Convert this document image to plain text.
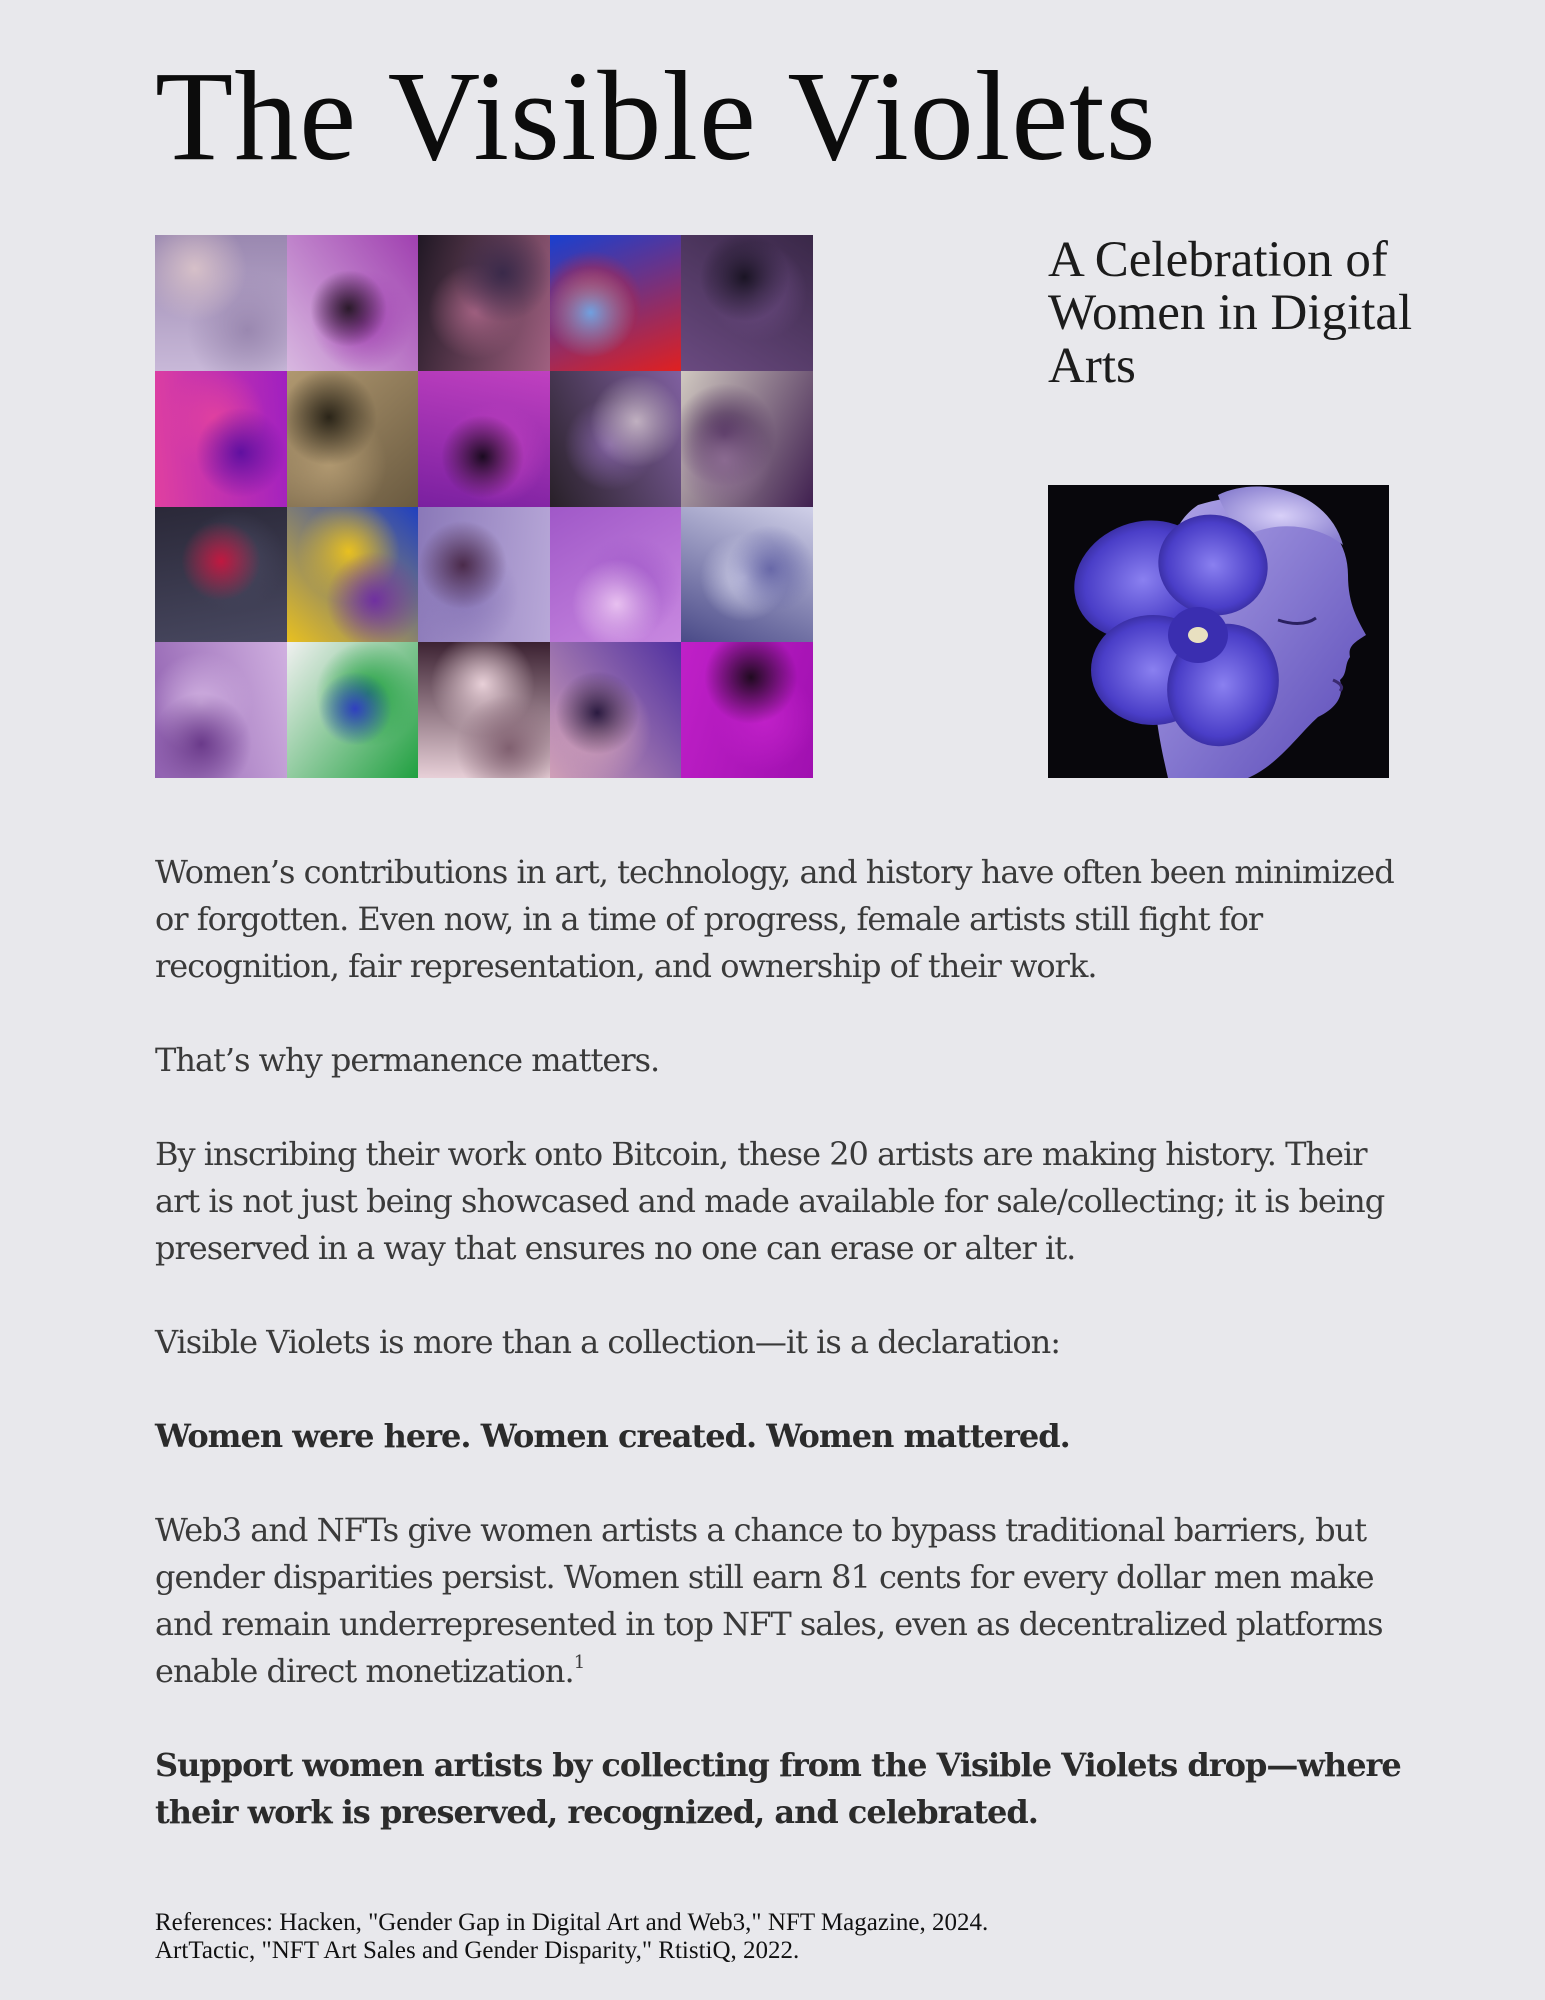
The Visible Violets
A Celebration of Women in Digital Arts

Women’s contributions in art, technology, and history have often been minimized or forgotten. Even now, in a time of progress, female artists still fight for recognition, fair representation, and ownership of their work.

That’s why permanence matters.

By inscribing their work onto Bitcoin, these 20 artists are making history. Their art is not just being showcased and made available for sale/collecting; it is being preserved in a way that ensures no one can erase or alter it.

Visible Violets is more than a collection—it is a declaration:

Women were here. Women created. Women mattered.

Web3 and NFTs give women artists a chance to bypass traditional barriers, but gender disparities persist. Women still earn 81 cents for every dollar men make and remain underrepresented in top NFT sales, even as decentralized platforms enable direct monetization.$^1$

Support women artists by collecting from the Visible Violets drop—where their work is preserved, recognized, and celebrated.

References: Hacken, "Gender Gap in Digital Art and Web3," NFT Magazine, 2024.
ArtTactic, "NFT Art Sales and Gender Disparity," RtistiQ, 2022.
